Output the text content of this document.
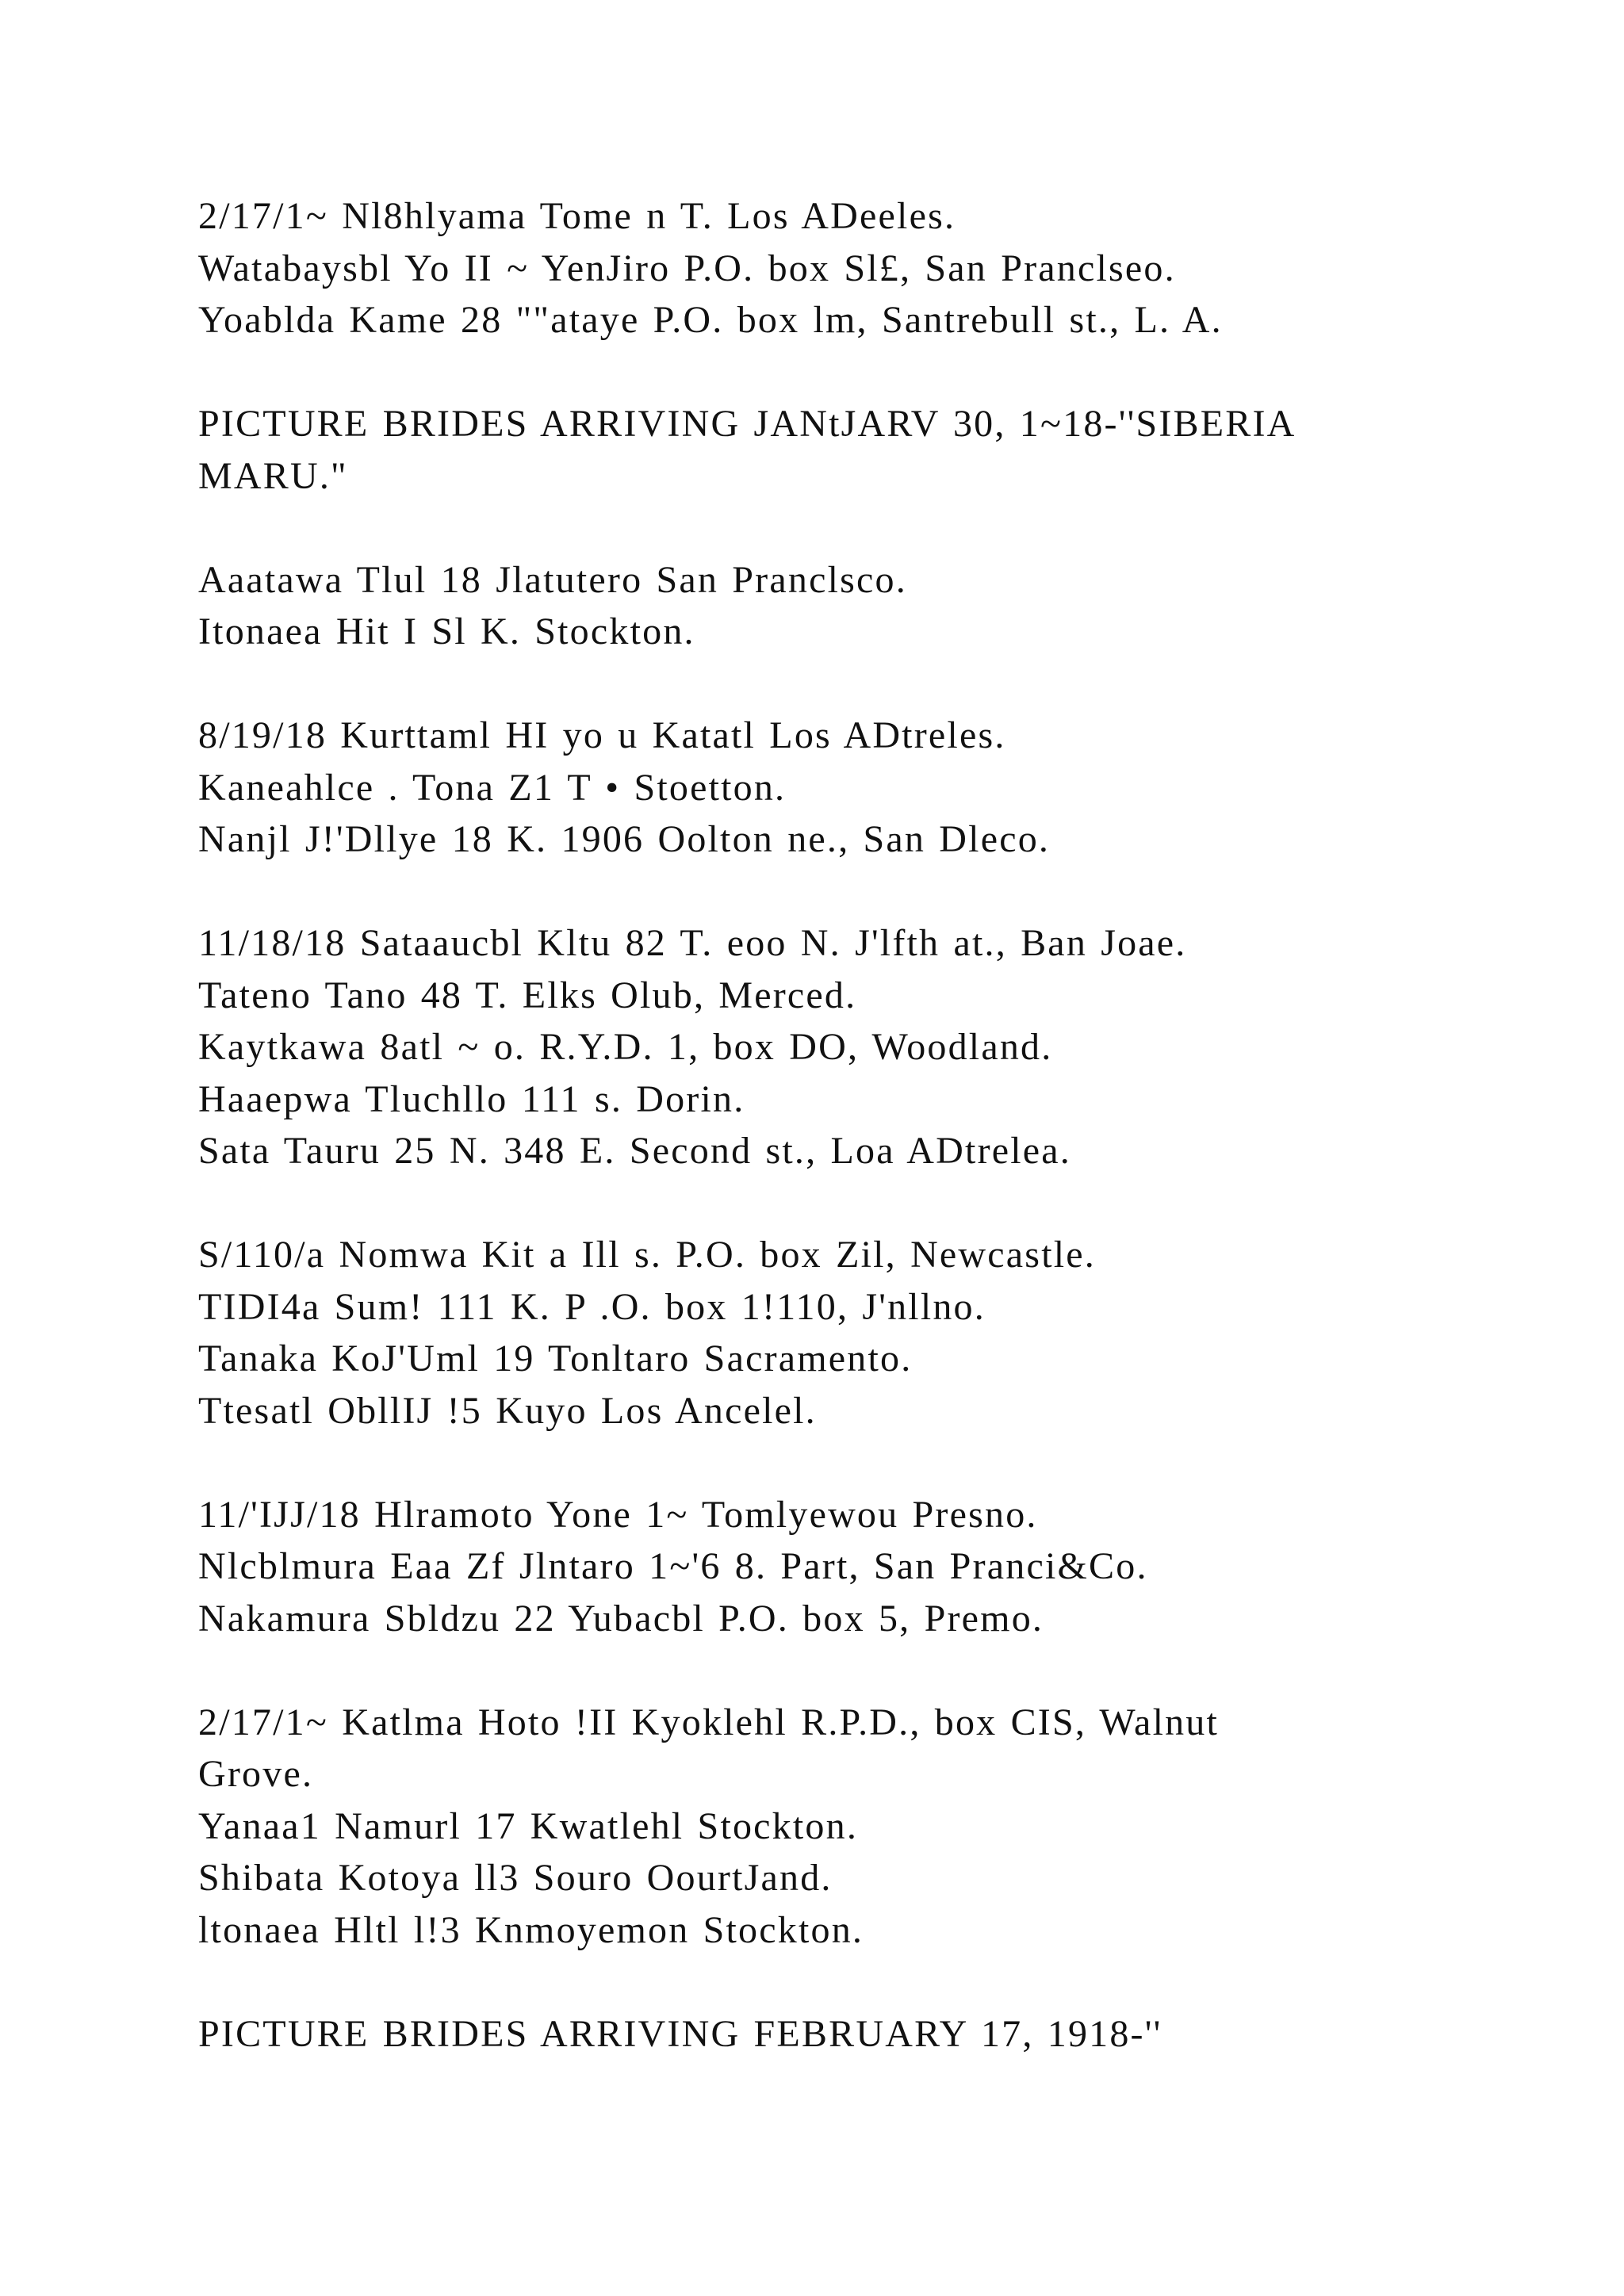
2/17/1~ Nl8hlyama Tome n T. Los ADeeles.
Watabaysbl Yo II ~ YenJiro P.O. box Sl£, San Pranclseo.
Yoablda Kame 28 ""ataye P.O. box lm, Santrebull st., L. A.
PICTURE BRIDES ARRIVING JANtJARV 30, 1~18-''SIBERIA
MARU."
Aaatawa Tlul 18 Jlatutero San Pranclsco.
Itonaea Hit I Sl K. Stockton.
8/19/18 Kurttaml HI yo u Katatl Los ADtreles.
Kaneahlce . Tona Z1 T • Stoetton.
Nanjl J!'Dllye 18 K. 1906 Oolton ne., San Dleco.
11/18/18 Sataaucbl Kltu 82 T. eoo N. J'lfth at., Ban Joae.
Tateno Tano 48 T. Elks Olub, Merced.
Kaytkawa 8atl ~ o. R.Y.D. 1, box DO, Woodland.
Haaepwa Tluchllo 111 s. Dorin.
Sata Tauru 25 N. 348 E. Second st., Loa ADtrelea.
S/110/a Nomwa Kit a Ill s. P.O. box Zil, Newcastle.
TIDI4a Sum! 111 K. P .O. box 1!110, J'nllno.
Tanaka KoJ'Uml 19 Tonltaro Sacramento.
Ttesatl ObllIJ !5 Kuyo Los Ancelel.
11/'IJJ/18 Hlramoto Yone 1~ Tomlyewou Presno.
Nlcblmura Eaa Zf Jlntaro 1~'6 8. Part, San Pranci&Co.
Nakamura Sbldzu 22 Yubacbl P.O. box 5, Premo.
2/17/1~ Katlma Hoto !II Kyoklehl R.P.D., box CIS, Walnut
Grove.
Yanaa1 Namurl 17 Kwatlehl Stockton.
Shibata Kotoya ll3 Souro OourtJand.
ltonaea Hltl l!3 Knmoyemon Stockton.
PICTURE BRIDES ARRIVING FEBRUARY 17, 1918-''
